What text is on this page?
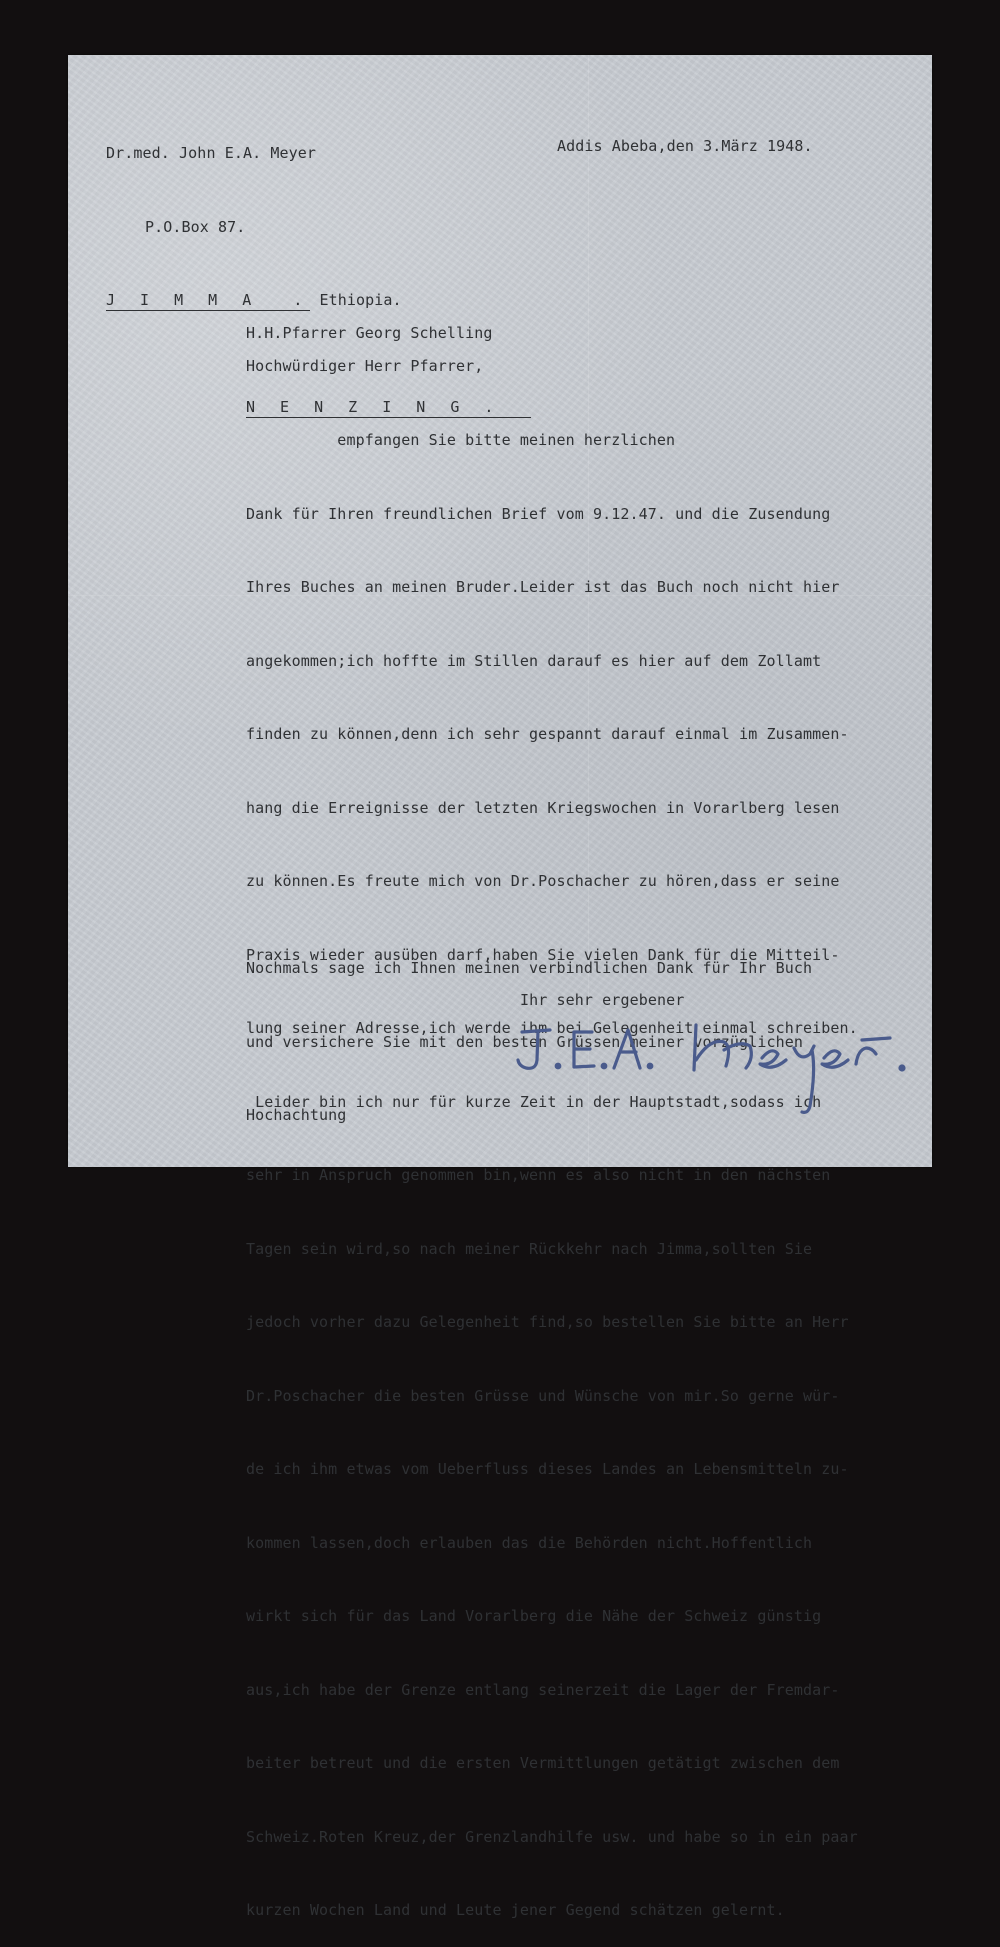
Dr.med. John E.A. Meyer

P.O.Box 87.

J I M M A  . Ethiopia.

Addis Abeba,den 3.März 1948.

H.H.Pfarrer Georg Schelling

N E N Z I N G .

Hochwürdiger Herr Pfarrer,

empfangen Sie bitte meinen herzlichen

Dank für Ihren freundlichen Brief vom 9.12.47. und die Zusendung

Ihres Buches an meinen Bruder.Leider ist das Buch noch nicht hier

angekommen;ich hoffte im Stillen darauf es hier auf dem Zollamt

finden zu können,denn ich sehr gespannt darauf einmal im Zusammen-

hang die Erreignisse der letzten Kriegswochen in Vorarlberg lesen

zu können.Es freute mich von Dr.Poschacher zu hören,dass er seine

Praxis wieder ausüben darf,haben Sie vielen Dank für die Mitteil-

lung seiner Adresse,ich werde ihm bei Gelegenheit einmal schreiben.

Leider bin ich nur für kurze Zeit in der Hauptstadt,sodass ich

sehr in Anspruch genommen bin,wenn es also nicht in den nächsten

Tagen sein wird,so nach meiner Rückkehr nach Jimma,sollten Sie

jedoch vorher dazu Gelegenheit find,so bestellen Sie bitte an Herr

Dr.Poschacher die besten Grüsse und Wünsche von mir.So gerne wür-

de ich ihm etwas vom Ueberfluss dieses Landes an Lebensmitteln zu-

kommen lassen,doch erlauben das die Behörden nicht.Hoffentlich

wirkt sich für das Land Vorarlberg die Nähe der Schweiz günstig

aus,ich habe der Grenze entlang seinerzeit die Lager der Fremdar-

beiter betreut und die ersten Vermittlungen getätigt zwischen dem

Schweiz.Roten Kreuz,der Grenzlandhilfe usw. und habe so in ein paar

kurzen Wochen Land und Leute jener Gegend schätzen gelernt.

Nochmals sage ich Ihnen meinen verbindlichen Dank für Ihr Buch

und versichere Sie mit den besten Grüssen meiner vorzüglichen

Hochachtung

Ihr sehr ergebener
